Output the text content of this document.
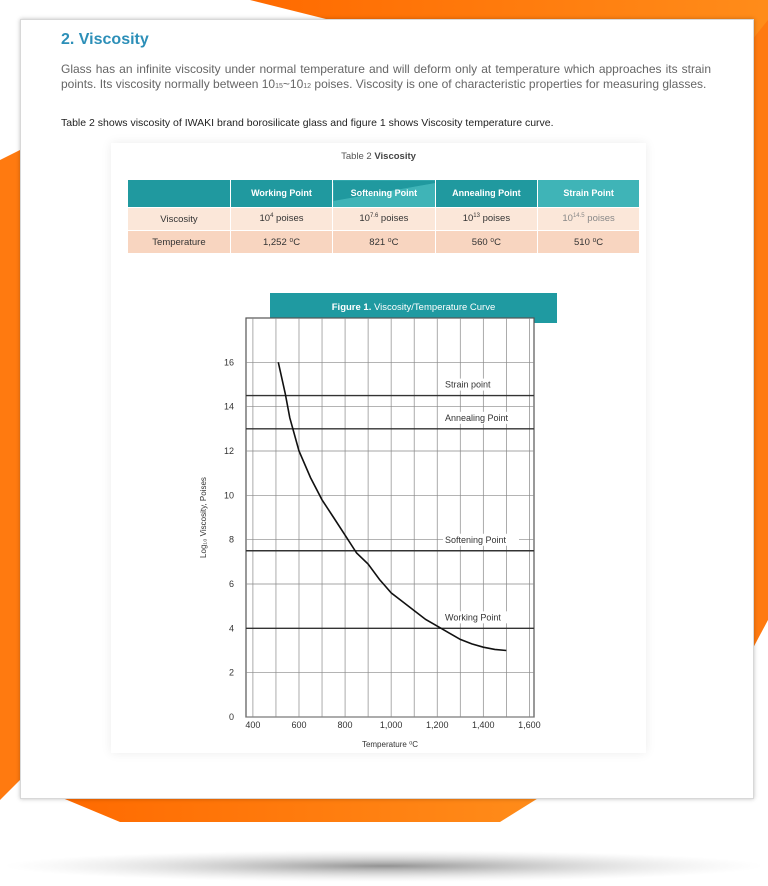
2. Viscosity

Glass has an infinite viscosity under normal temperature and will deform only at temperature which approaches its strain points. Its viscosity normally between 1015~1012 poises. Viscosity is one of characteristic properties for measuring glasses.

Table 2 shows viscosity of IWAKI brand borosilicate glass and figure 1 shows Viscosity temperature curve.

Table 2 Viscosity
	Working Point	Softening Point	Annealing Point	Strain Point
Viscosity	$10^4$ poises	$10^{7.6}$ poises	$10^{13}$ poises	$10^{14.5}$ poises
Temperature	1,252 ⁰C	821 ⁰C	560 ⁰C	510 ⁰C
Figure 1. Viscosity/Temperature Curve
Strain point
Annealing Point
Softening Point
Working Point
0
2
4
6
8
10
12
14
16
400	600	800	1,000	1,200	1,400	1,600
Temperature ⁰C
Log₁₀ Viscosity, Poises
